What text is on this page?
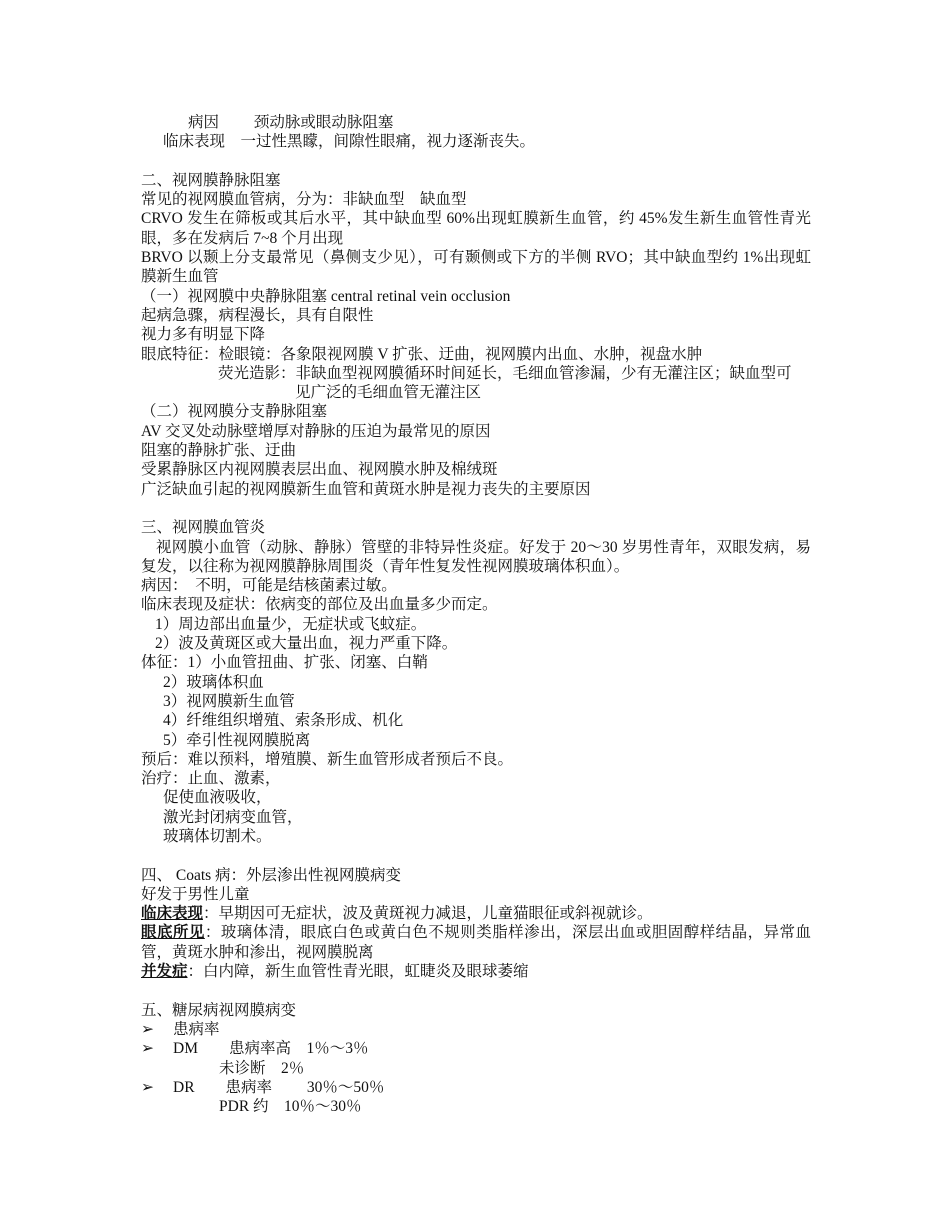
病因　　 颈动脉或眼动脉阻塞
临床表现　一过性黑矇，间隙性眼痛，视力逐渐丧失。
二、视网膜静脉阻塞
常见的视网膜血管病，分为：非缺血型　缺血型
CRVO 发生在筛板或其后水平，其中缺血型 60%出现虹膜新生血管，约 45%发生新生血管性青光眼，多在发病后 7~8 个月出现
BRVO 以颞上分支最常见（鼻侧支少见），可有颞侧或下方的半侧 RVO；其中缺血型约 1%出现虹膜新生血管
（一）视网膜中央静脉阻塞 central retinal vein occlusion
起病急骤，病程漫长，具有自限性
视力多有明显下降
眼底特征：检眼镜：各象限视网膜 V 扩张、迂曲，视网膜内出血、水肿，视盘水肿
荧光造影：非缺血型视网膜循环时间延长，毛细血管渗漏，少有无灌注区；缺血型可
见广泛的毛细血管无灌注区
（二）视网膜分支静脉阻塞
AV 交叉处动脉壁增厚对静脉的压迫为最常见的原因
阻塞的静脉扩张、迂曲
受累静脉区内视网膜表层出血、视网膜水肿及棉绒斑
广泛缺血引起的视网膜新生血管和黄斑水肿是视力丧失的主要原因
三、视网膜血管炎
视网膜小血管（动脉、静脉）管壁的非特异性炎症。好发于 20～30 岁男性青年，双眼发病，易复发，以往称为视网膜静脉周围炎（青年性复发性视网膜玻璃体积血）。
病因：  不明，可能是结核菌素过敏。
临床表现及症状：依病变的部位及出血量多少而定。
1）周边部出血量少，无症状或飞蚊症。
2）波及黄斑区或大量出血，视力严重下降。
体征：1）小血管扭曲、扩张、闭塞、白鞘
2）玻璃体积血
3）视网膜新生血管
4）纤维组织增殖、索条形成、机化
5）牵引性视网膜脱离
预后：难以预料，增殖膜、新生血管形成者预后不良。
治疗：止血、激素，
促使血液吸收，
激光封闭病变血管，
玻璃体切割术。
四、 Coats 病：外层渗出性视网膜病变
好发于男性儿童
临床表现：早期因可无症状，波及黄斑视力减退，儿童猫眼征或斜视就诊。
眼底所见：玻璃体清，眼底白色或黄白色不规则类脂样渗出，深层出血或胆固醇样结晶，异常血管，黄斑水肿和渗出，视网膜脱离
并发症：白内障，新生血管性青光眼，虹睫炎及眼球萎缩
五、糖尿病视网膜病变
➢ 患病率
➢ DM　　患病率高　1％～3％
未诊断　2％
➢ DR　　患病率　　 30％～50％
PDR 约　10％～30％
